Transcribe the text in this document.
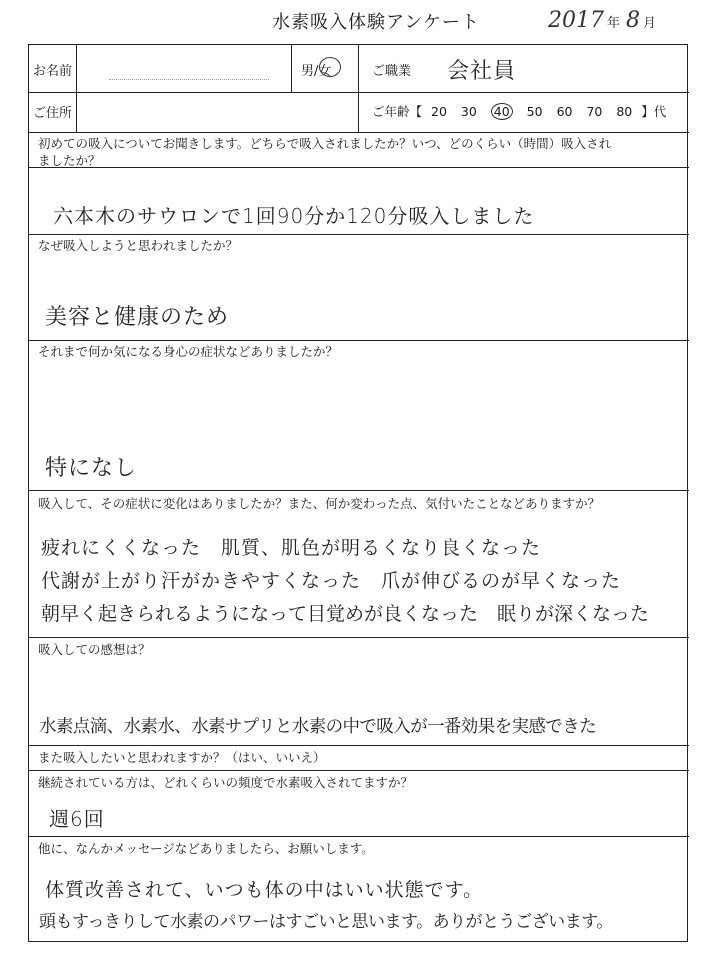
水素吸入体験アンケート	2017 年 8 月
お名前	男/女	ご職業 会社員
ご住所	ご年齢【 20 30 40 50 60 70 80 】代
初めての吸入についてお聞きします。どちらで吸入されましたか？いつ、どのくらい（時間）吸入され
ましたか？
六本木のサウロンで1回90分か120分吸入しました
なぜ吸入しようと思われましたか？
美容と健康のため
それまで何か気になる身心の症状などありましたか？
特になし
吸入して、その症状に変化はありましたか？また、何か変わった点、気付いたことなどありますか？
疲れにくくなった　肌質、肌色が明るくなり良くなった
代謝が上がり汗がかきやすくなった　爪が伸びるのが早くなった
朝早く起きられるようになって目覚めが良くなった　眠りが深くなった
吸入しての感想は？
水素点滴、水素水、水素サプリと水素の中で吸入が一番効果を実感できた
また吸入したいと思われますか？（はい、いいえ）
継続されている方は、どれくらいの頻度で水素吸入されてますか？
週6回
他に、なんかメッセージなどありましたら、お願いします。
体質改善されて、いつも体の中はいい状態です。
頭もすっきりして水素のパワーはすごいと思います。ありがとうございます。
